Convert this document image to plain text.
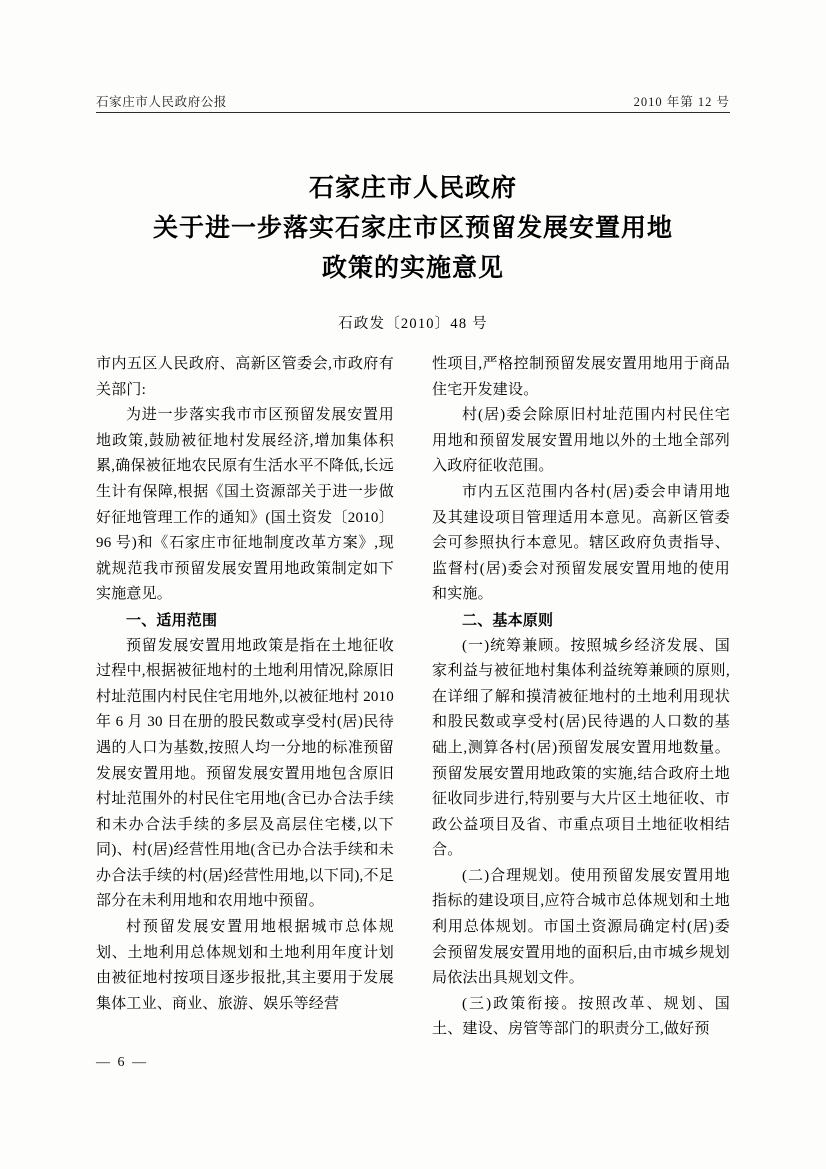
石家庄市人民政府公报	2010 年第 12 号
石家庄市人民政府
关于进一步落实石家庄市区预留发展安置用地
政策的实施意见
石政发〔2010〕48 号

市内五区人民政府、高新区管委会,市政府有关部门:

为进一步落实我市市区预留发展安置用地政策,鼓励被征地村发展经济,增加集体积累,确保被征地农民原有生活水平不降低,长远生计有保障,根据《国土资源部关于进一步做好征地管理工作的通知》(国土资发〔2010〕96 号)和《石家庄市征地制度改革方案》,现就规范我市预留发展安置用地政策制定如下实施意见。

一、适用范围

预留发展安置用地政策是指在土地征收过程中,根据被征地村的土地利用情况,除原旧村址范围内村民住宅用地外,以被征地村 2010 年 6 月 30 日在册的股民数或享受村(居)民待遇的人口为基数,按照人均一分地的标准预留发展安置用地。预留发展安置用地包含原旧村址范围外的村民住宅用地(含已办合法手续和未办合法手续的多层及高层住宅楼,以下同)、村(居)经营性用地(含已办合法手续和未办合法手续的村(居)经营性用地,以下同),不足部分在未利用地和农用地中预留。

村预留发展安置用地根据城市总体规划、土地利用总体规划和土地利用年度计划由被征地村按项目逐步报批,其主要用于发展集体工业、商业、旅游、娱乐等经营

性项目,严格控制预留发展安置用地用于商品住宅开发建设。

村(居)委会除原旧村址范围内村民住宅用地和预留发展安置用地以外的土地全部列入政府征收范围。

市内五区范围内各村(居)委会申请用地及其建设项目管理适用本意见。高新区管委会可参照执行本意见。辖区政府负责指导、监督村(居)委会对预留发展安置用地的使用和实施。

二、基本原则

(一)统筹兼顾。按照城乡经济发展、国家利益与被征地村集体利益统筹兼顾的原则,在详细了解和摸清被征地村的土地利用现状和股民数或享受村(居)民待遇的人口数的基础上,测算各村(居)预留发展安置用地数量。预留发展安置用地政策的实施,结合政府土地征收同步进行,特别要与大片区土地征收、市政公益项目及省、市重点项目土地征收相结合。

(二)合理规划。使用预留发展安置用地指标的建设项目,应符合城市总体规划和土地利用总体规划。市国土资源局确定村(居)委会预留发展安置用地的面积后,由市城乡规划局依法出具规划文件。

(三)政策衔接。按照改革、规划、国土、建设、房管等部门的职责分工,做好预

— 6 —
